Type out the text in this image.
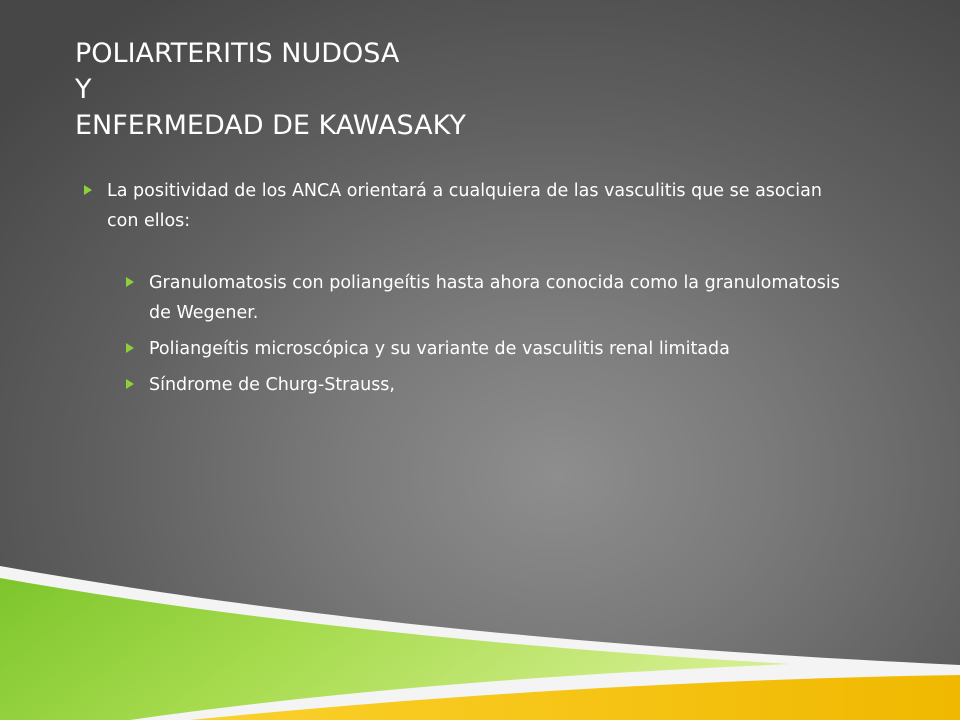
POLIARTERITIS NUDOSA
Y
ENFERMEDAD DE KAWASAKY
La positividad de los ANCA orientará a cualquiera de las vasculitis que se asocian con ellos:
Granulomatosis con poliangeítis hasta ahora conocida como la granulomatosis de Wegener.
Poliangeítis microscópica y su variante de vasculitis renal limitada
Síndrome de Churg-Strauss,
